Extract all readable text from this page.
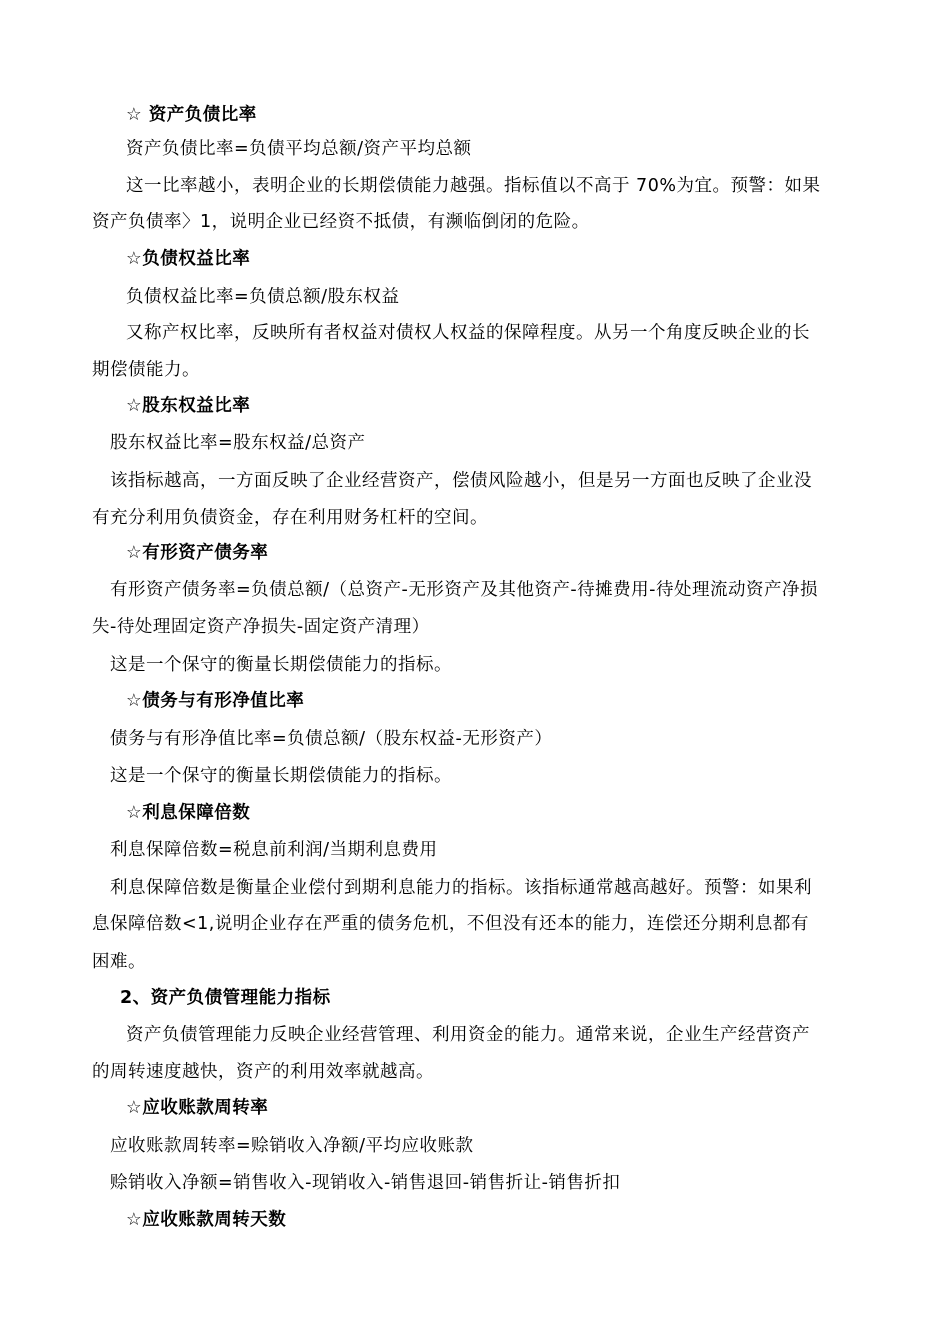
☆ 资产负债比率
资产负债比率=负债平均总额/资产平均总额
这一比率越小，表明企业的长期偿债能力越强。指标值以不高于 70%为宜。预警：如果
资产负债率〉1，说明企业已经资不抵债，有濒临倒闭的危险。
☆负债权益比率
负债权益比率=负债总额/股东权益
又称产权比率，反映所有者权益对债权人权益的保障程度。从另一个角度反映企业的长
期偿债能力。
☆股东权益比率
股东权益比率=股东权益/总资产
该指标越高，一方面反映了企业经营资产，偿债风险越小，但是另一方面也反映了企业没
有充分利用负债资金，存在利用财务杠杆的空间。
☆有形资产债务率
有形资产债务率=负债总额/（总资产-无形资产及其他资产-待摊费用-待处理流动资产净损
失-待处理固定资产净损失-固定资产清理）
这是一个保守的衡量长期偿债能力的指标。
☆债务与有形净值比率
债务与有形净值比率=负债总额/（股东权益-无形资产）
这是一个保守的衡量长期偿债能力的指标。
☆利息保障倍数
利息保障倍数=税息前利润/当期利息费用
利息保障倍数是衡量企业偿付到期利息能力的指标。该指标通常越高越好。预警：如果利
息保障倍数<1,说明企业存在严重的债务危机，不但没有还本的能力，连偿还分期利息都有
困难。
2、资产负债管理能力指标
资产负债管理能力反映企业经营管理、利用资金的能力。通常来说，企业生产经营资产
的周转速度越快，资产的利用效率就越高。
☆应收账款周转率
应收账款周转率=赊销收入净额/平均应收账款
赊销收入净额=销售收入-现销收入-销售退回-销售折让-销售折扣
☆应收账款周转天数
